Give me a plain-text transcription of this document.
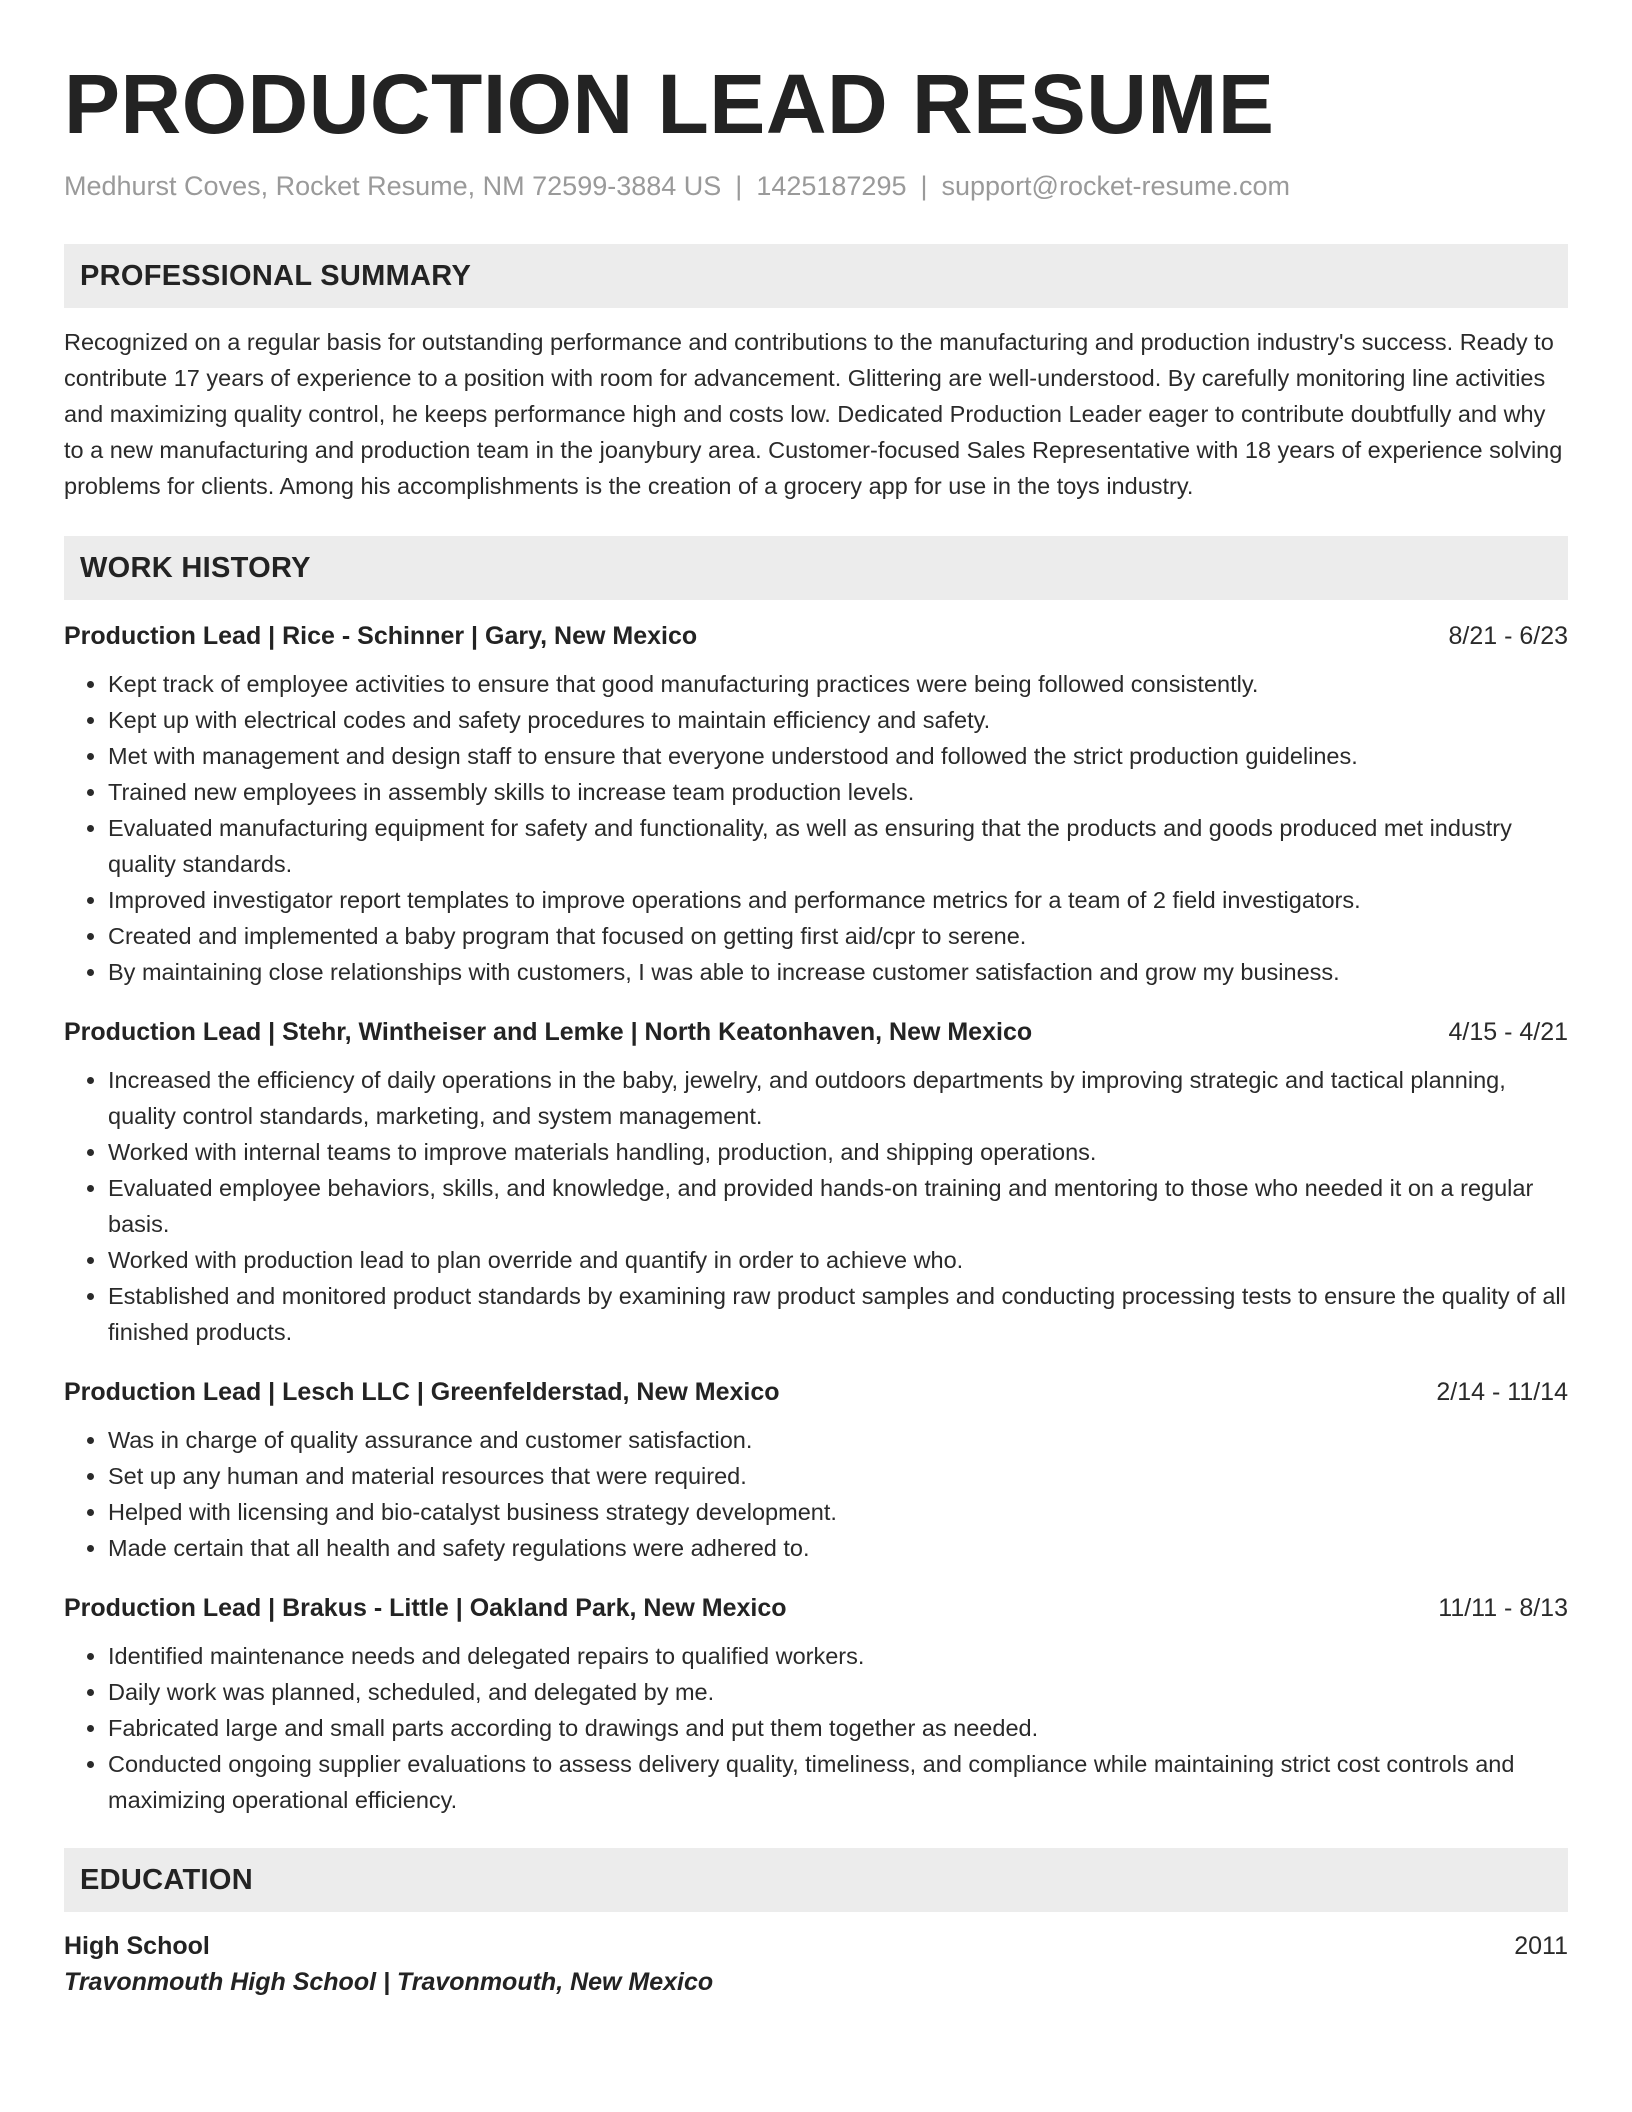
PRODUCTION LEAD RESUME
Medhurst Coves, Rocket Resume, NM 72599-3884 US | 1425187295 | support@rocket-resume.com
PROFESSIONAL SUMMARY
Recognized on a regular basis for outstanding performance and contributions to the manufacturing and production industry's success. Ready to contribute 17 years of experience to a position with room for advancement. Glittering are well-understood. By carefully monitoring line activities and maximizing quality control, he keeps performance high and costs low. Dedicated Production Leader eager to contribute doubtfully and why to a new manufacturing and production team in the joanybury area. Customer-focused Sales Representative with 18 years of experience solving problems for clients. Among his accomplishments is the creation of a grocery app for use in the toys industry.
WORK HISTORY
Production Lead | Rice - Schinner | Gary, New Mexico	8/21 - 6/23
• Kept track of employee activities to ensure that good manufacturing practices were being followed consistently.
• Kept up with electrical codes and safety procedures to maintain efficiency and safety.
• Met with management and design staff to ensure that everyone understood and followed the strict production guidelines.
• Trained new employees in assembly skills to increase team production levels.
• Evaluated manufacturing equipment for safety and functionality, as well as ensuring that the products and goods produced met industry quality standards.
• Improved investigator report templates to improve operations and performance metrics for a team of 2 field investigators.
• Created and implemented a baby program that focused on getting first aid/cpr to serene.
• By maintaining close relationships with customers, I was able to increase customer satisfaction and grow my business.
Production Lead | Stehr, Wintheiser and Lemke | North Keatonhaven, New Mexico	4/15 - 4/21
• Increased the efficiency of daily operations in the baby, jewelry, and outdoors departments by improving strategic and tactical planning, quality control standards, marketing, and system management.
• Worked with internal teams to improve materials handling, production, and shipping operations.
• Evaluated employee behaviors, skills, and knowledge, and provided hands-on training and mentoring to those who needed it on a regular basis.
• Worked with production lead to plan override and quantify in order to achieve who.
• Established and monitored product standards by examining raw product samples and conducting processing tests to ensure the quality of all finished products.
Production Lead | Lesch LLC | Greenfelderstad, New Mexico	2/14 - 11/14
• Was in charge of quality assurance and customer satisfaction.
• Set up any human and material resources that were required.
• Helped with licensing and bio-catalyst business strategy development.
• Made certain that all health and safety regulations were adhered to.
Production Lead | Brakus - Little | Oakland Park, New Mexico	11/11 - 8/13
• Identified maintenance needs and delegated repairs to qualified workers.
• Daily work was planned, scheduled, and delegated by me.
• Fabricated large and small parts according to drawings and put them together as needed.
• Conducted ongoing supplier evaluations to assess delivery quality, timeliness, and compliance while maintaining strict cost controls and maximizing operational efficiency.
EDUCATION
High School	2011
Travonmouth High School | Travonmouth, New Mexico
